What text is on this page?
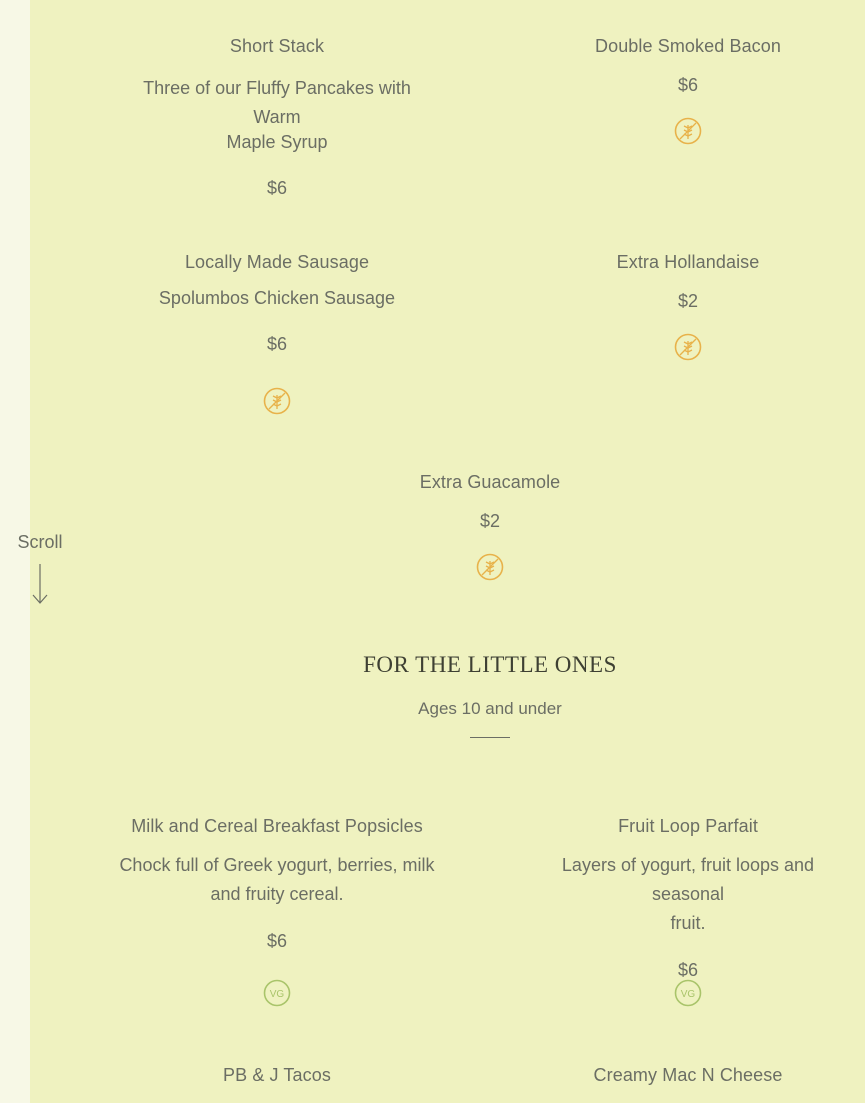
Short Stack
Three of our Fluffy Pancakes with Warm
Maple Syrup
$6
Double Smoked Bacon
$6
Locally Made Sausage
Spolumbos Chicken Sausage
$6
Extra Hollandaise
$2
Extra Guacamole
$2
Scroll
FOR THE LITTLE ONES
Ages 10 and under
Milk and Cereal Breakfast Popsicles
Chock full of Greek yogurt, berries, milk
and fruity cereal.
$6
VG
Fruit Loop Parfait
Layers of yogurt, fruit loops and seasonal
fruit.
$6
VG
PB & J Tacos	Creamy Mac N Cheese
